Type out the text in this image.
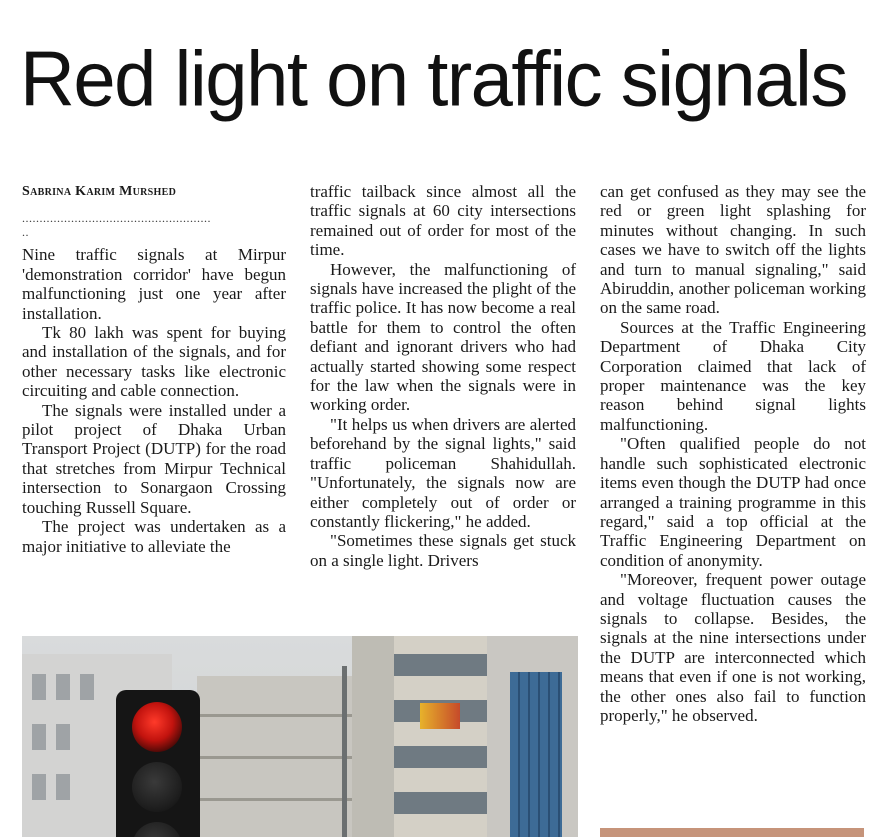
Red light on traffic signals
Sabrina Karim Murshed
......................................................
..

Nine traffic signals at Mirpur 'demonstration corridor' have begun malfunctioning just one year after installation.

Tk 80 lakh was spent for buying and installation of the signals, and for other necessary tasks like electronic circuiting and cable connection.

The signals were installed under a pilot project of Dhaka Urban Transport Project (DUTP) for the road that stretches from Mirpur Technical intersection to Sonargaon Crossing touching Russell Square.

The project was undertaken as a major initiative to alleviate the

traffic tailback since almost all the traffic signals at 60 city intersections remained out of order for most of the time.

However, the malfunctioning of signals have increased the plight of the traffic police. It has now become a real battle for them to control the often defiant and ignorant drivers who had actually started showing some respect for the law when the signals were in working order.

"It helps us when drivers are alerted beforehand by the signal lights," said traffic policeman Shahidullah. "Unfortunately, the signals now are either completely out of order or constantly flickering," he added.

"Sometimes these signals get stuck on a single light. Drivers

can get confused as they may see the red or green light splashing for minutes without changing. In such cases we have to switch off the lights and turn to manual signaling," said Abiruddin, another policeman working on the same road.

Sources at the Traffic Engineering Department of Dhaka City Corporation claimed that lack of proper maintenance was the key reason behind signal lights malfunctioning.

"Often qualified people do not handle such sophisticated electronic items even though the DUTP had once arranged a training programme in this regard," said a top official at the Traffic Engineering Department on condition of anonymity.

"Moreover, frequent power outage and voltage fluctuation causes the signals to collapse. Besides, the signals at the nine intersections under the DUTP are interconnected which means that even if one is not working, the other ones also fail to function properly," he observed.
